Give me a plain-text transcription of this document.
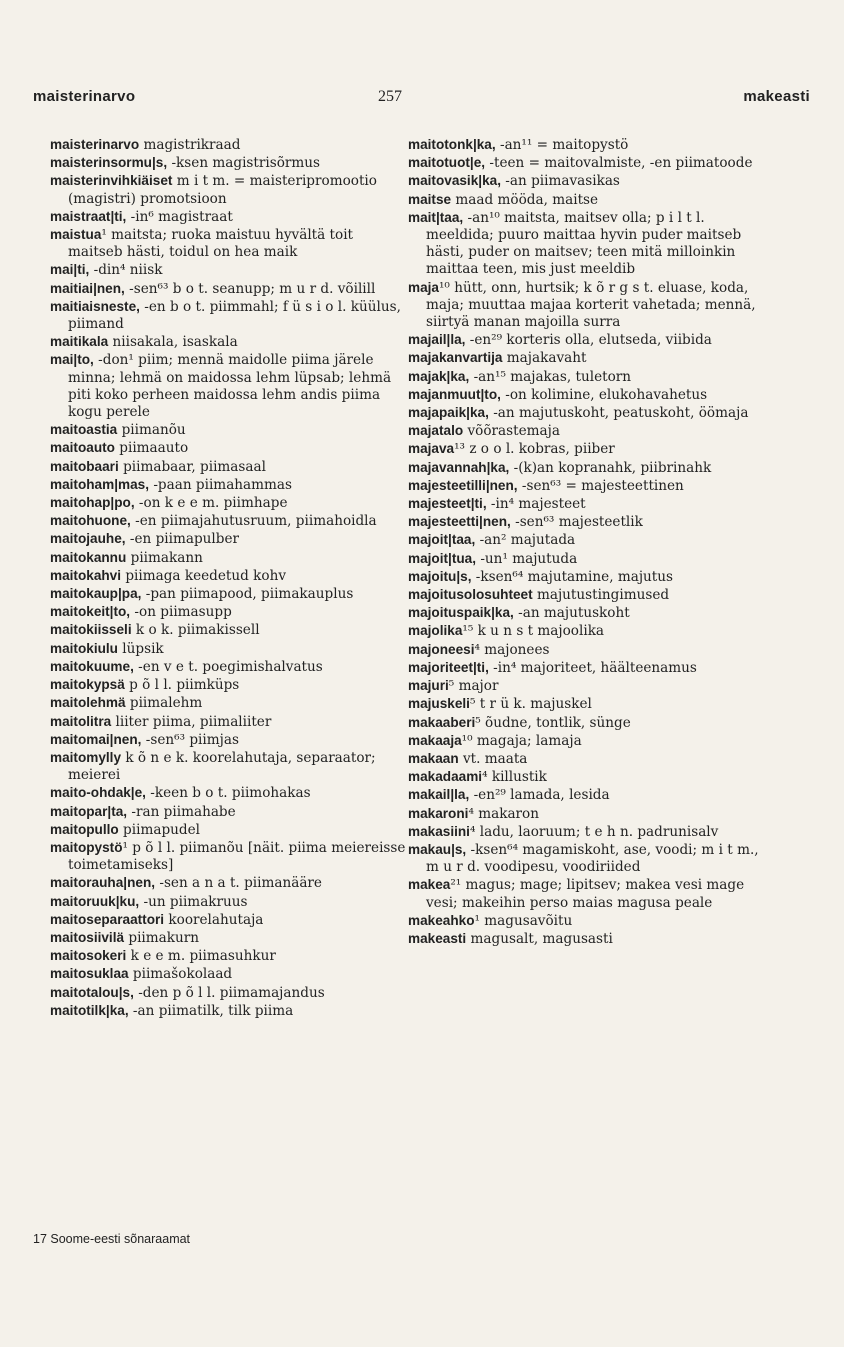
maisterinarvo	257	makeasti

maisterinarvo magistrikraad

maisterinsormu|s, -ksen magistrisõrmus

maisterinvihkiäiset m i t m. = maisteripromootio (magistri) promotsioon

maistraat|ti, -in⁶ magistraat

maistua¹ maitsta; ruoka maistuu hyvältä toit maitseb hästi, toidul on hea maik

mai|ti, -din⁴ niisk

maitiai|nen, -sen⁶³ b o t. seanupp; m u r d. võilill

maitiaisneste, -en b o t. piimmahl; f ü s i o l. küülus, piimand

maitikala niisakala, isaskala

mai|to, -don¹ piim; mennä maidolle piima järele minna; lehmä on maidossa lehm lüpsab; lehmä piti koko perheen maidossa lehm andis piima kogu perele

maitoastia piimanõu

maitoauto piimaauto

maitobaari piimabaar, piimasaal

maitoham|mas, -paan piimahammas

maitohap|po, -on k e e m. piimhape

maitohuone, -en piimajahutusruum, piimahoidla

maitojauhe, -en piimapulber

maitokannu piimakann

maitokahvi piimaga keedetud kohv

maitokaup|pa, -pan piimapood, piimakauplus

maitokeit|to, -on piimasupp

maitokiisseli k o k. piimakissell

maitokiulu lüpsik

maitokuume, -en v e t. poegimishalvatus

maitokypsä p õ l l. piimküps

maitolehmä piimalehm

maitolitra liiter piima, piimaliiter

maitomai|nen, -sen⁶³ piimjas

maitomylly k õ n e k. koorelahutaja, separaator; meierei

maito-ohdak|e, -keen b o t. piimohakas

maitopar|ta, -ran piimahabe

maitopullo piimapudel

maitopystö¹ p õ l l. piimanõu [näit. piima meiereisse toimetamiseks]

maitorauha|nen, -sen a n a t. piimanääre

maitoruuk|ku, -un piimakruus

maitoseparaattori koorelahutaja

maitosiivilä piimakurn

maitosokeri k e e m. piimasuhkur

maitosuklaa piimašokolaad

maitotalou|s, -den p õ l l. piimamajandus

maitotilk|ka, -an piimatilk, tilk piima

maitotonk|ka, -an¹¹ = maitopystö

maitotuot|e, -teen = maitovalmiste, -en piimatoode

maitovasik|ka, -an piimavasikas

maitse maad mööda, maitse

mait|taa, -an¹⁰ maitsta, maitsev olla; p i l t l. meeldida; puuro maittaa hyvin puder maitseb hästi, puder on maitsev; teen mitä milloinkin maittaa teen, mis just meeldib

maja¹⁰ hütt, onn, hurtsik; k õ r g s t. eluase, koda, maja; muuttaa majaa korterit vahetada; mennä, siirtyä manan majoilla surra

majail|la, -en²⁹ korteris olla, elutseda, viibida

majakanvartija majakavaht

majak|ka, -an¹⁵ majakas, tuletorn

majanmuut|to, -on kolimine, elukohavahetus

majapaik|ka, -an majutuskoht, peatuskoht, öömaja

majatalo võõrastemaja

majava¹³ z o o l. kobras, piiber

majavannah|ka, -(k)an kopranahk, piibrinahk

majesteetilli|nen, -sen⁶³ = majesteettinen

majesteet|ti, -in⁴ majesteet

majesteetti|nen, -sen⁶³ majesteetlik

majoit|taa, -an² majutada

majoit|tua, -un¹ majutuda

majoitu|s, -ksen⁶⁴ majutamine, majutus

majoitusolosuhteet majutustingimused

majoituspaik|ka, -an majutuskoht

majolika¹⁵ k u n s t majoolika

majoneesi⁴ majonees

majoriteet|ti, -in⁴ majoriteet, häälteenamus

majuri⁵ major

majuskeli⁵ t r ü k. majuskel

makaaberi⁵ õudne, tontlik, sünge

makaaja¹⁰ magaja; lamaja

makaan vt. maata

makadaami⁴ killustik

makail|la, -en²⁹ lamada, lesida

makaroni⁴ makaron

makasiini⁴ ladu, laoruum; t e h n. padrunisalv

makau|s, -ksen⁶⁴ magamiskoht, ase, voodi; m i t m., m u r d. voodipesu, voodiriided

makea²¹ magus; mage; lipitsev; makea vesi mage vesi; makeihin perso maias magusa peale

makeahko¹ magusavõitu

makeasti magusalt, magusasti

17 Soome-eesti sõnaraamat
